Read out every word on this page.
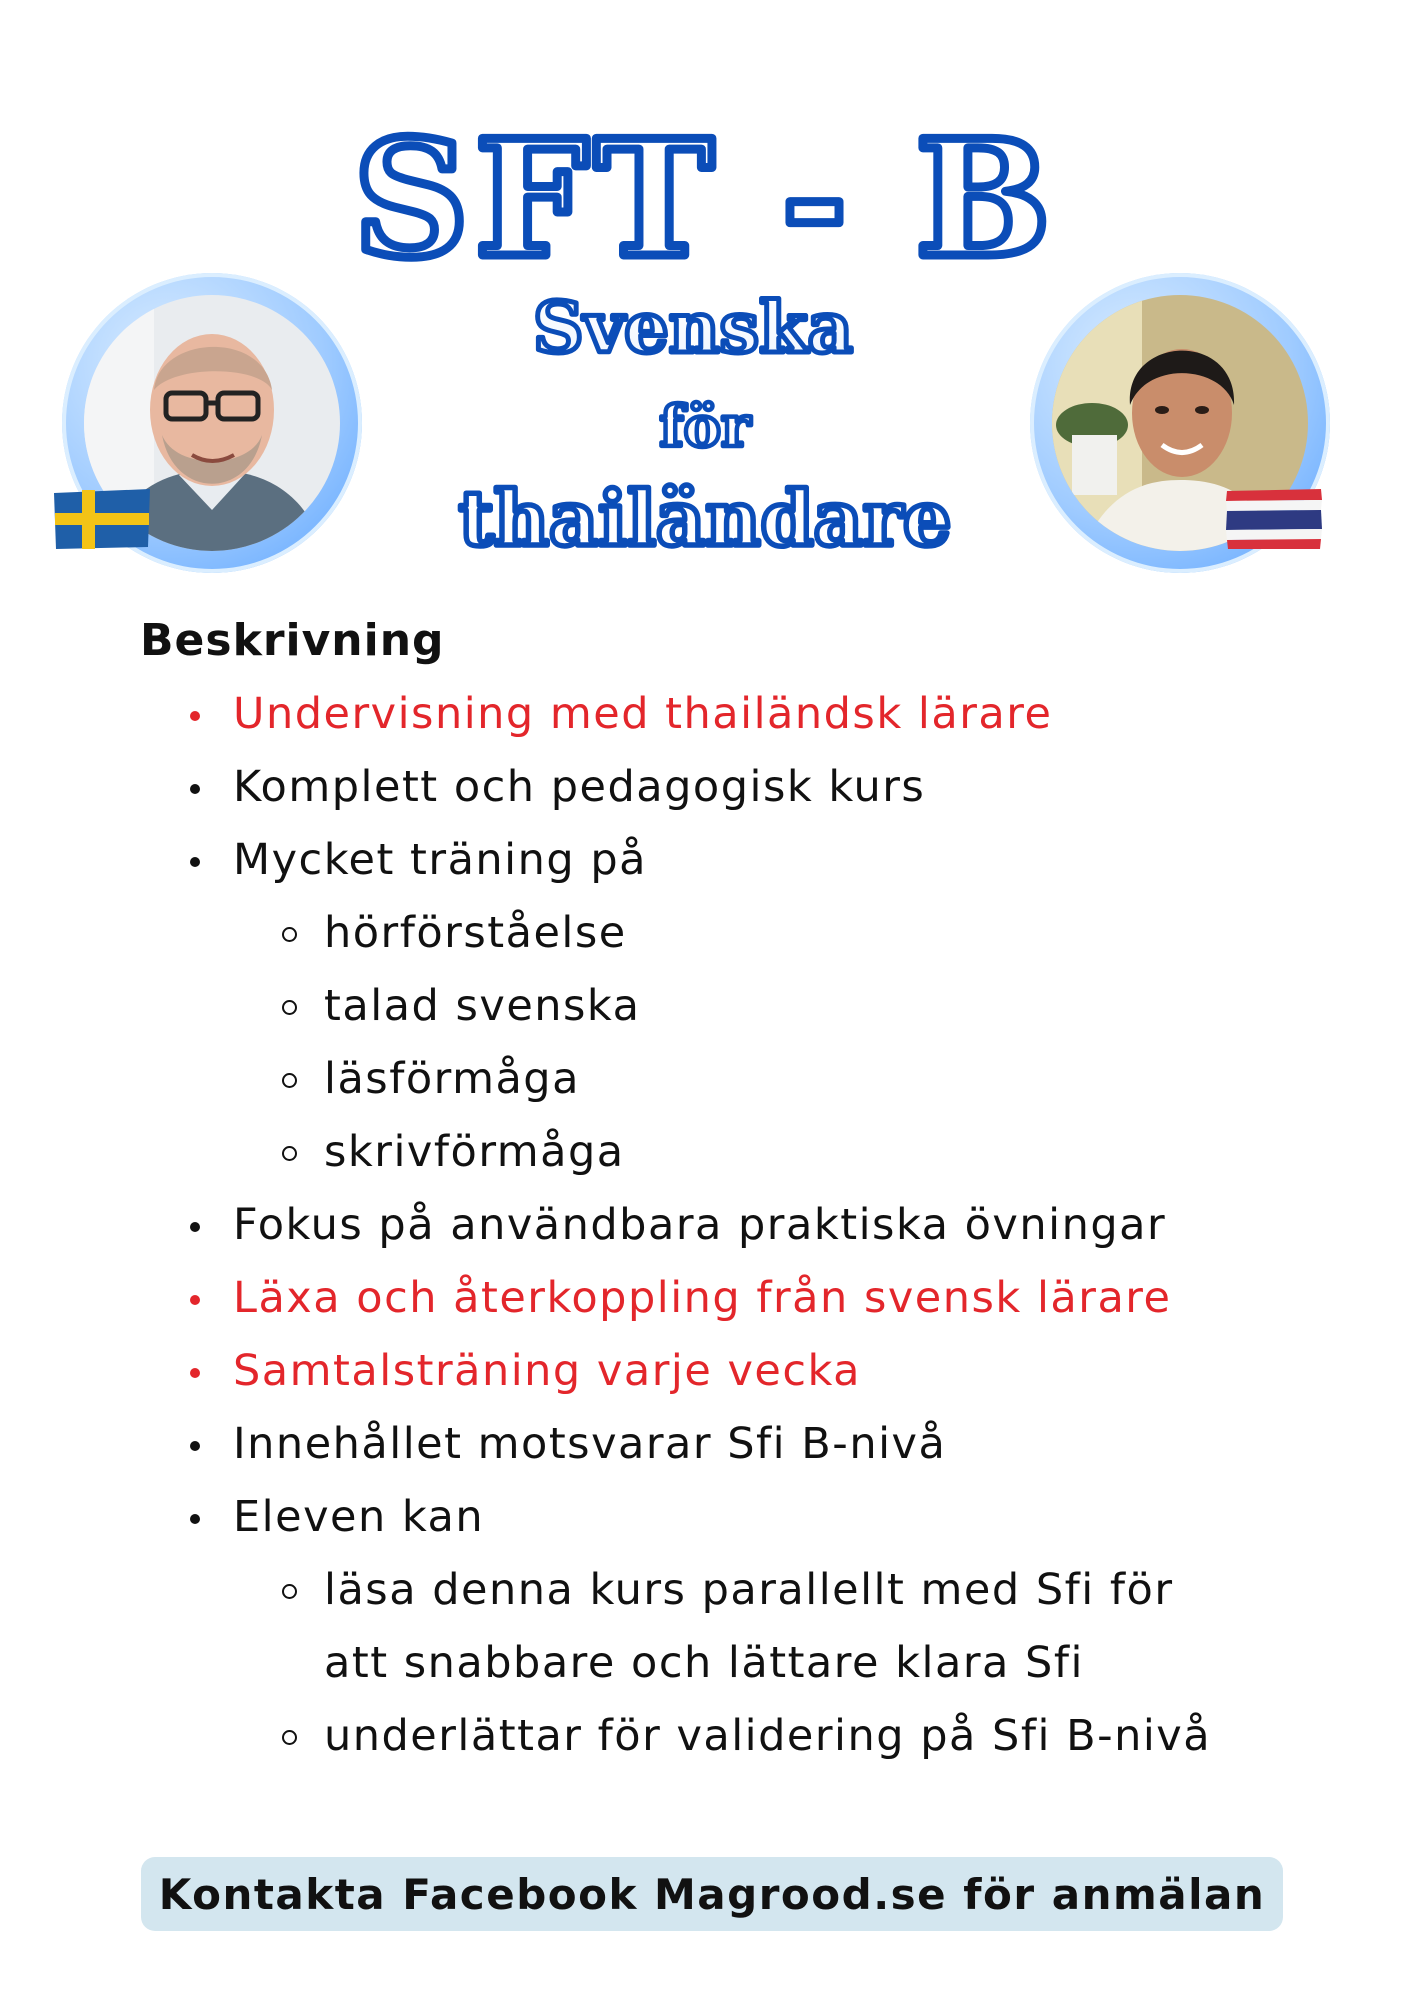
SFT - B
Svenska
för
thailändare
Beskrivning
Undervisning med thailändsk lärare
Komplett och pedagogisk kurs
Mycket träning på
hörförståelse
talad svenska
läsförmåga
skrivförmåga
Fokus på användbara praktiska övningar
Läxa och återkoppling från svensk lärare
Samtalsträning varje vecka
Innehållet motsvarar Sfi B-nivå
Eleven kan
läsa denna kurs parallellt med Sfi för
att snabbare och lättare klara Sfi
underlättar för validering på Sfi B-nivå
Kontakta Facebook Magrood.se för anmälan
